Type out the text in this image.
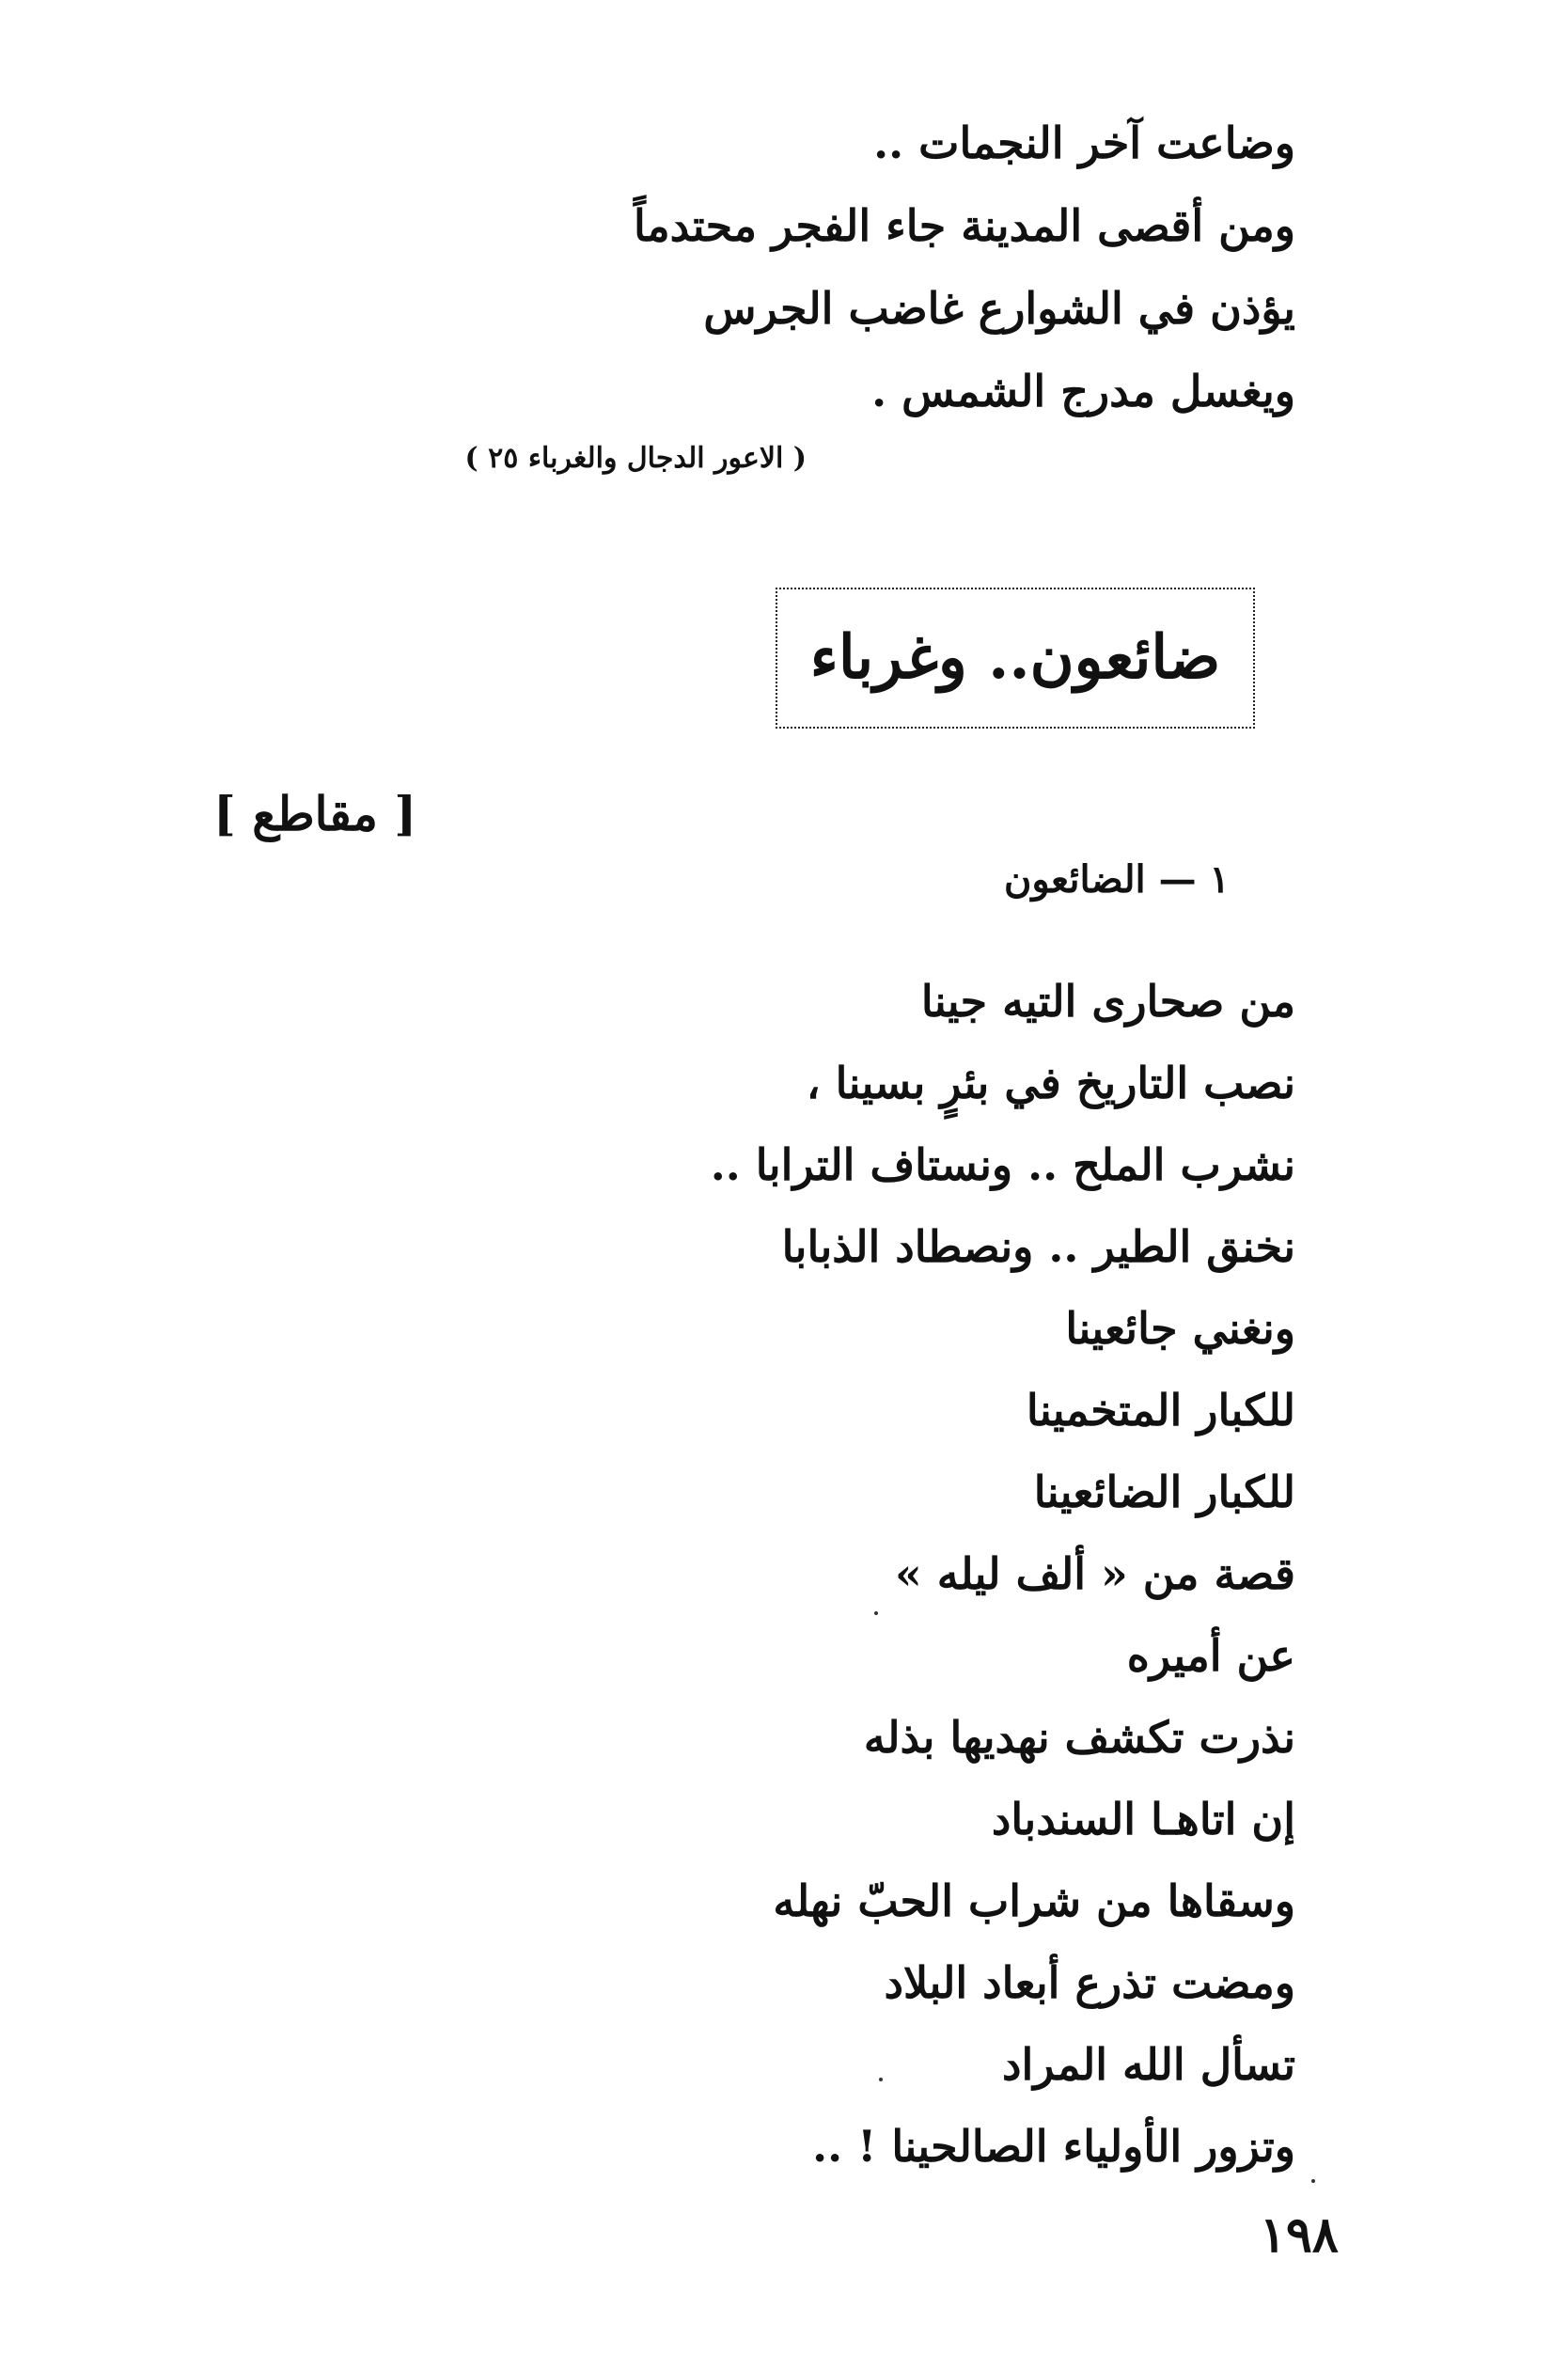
وضاعت آخر النجمات ..
ومن أقصى المدينة جاء الفجر محتدماً
يؤذن في الشوارع غاضب الجرس
ويغسل مدرج الشمس .
( الاعور الدجال والغرباء ٢٥ )
ضائعون.. وغرباء
[ مقاطع ]
١ — الضائعون
من صحارى التيه جينا
نصب التاريخ في بئرٍ بسينا ،
نشرب الملح .. ونستاف الترابا ..
نخنق الطير .. ونصطاد الذبابا
ونغني جائعينا
للكبار المتخمينا
للكبار الضائعينا
قصة من « ألف ليله »
عن أميره
نذرت تكشف نهديها بذله
إن اتاهـا السندباد
وسقاها من شراب الحبّ نهله
ومضت تذرع أبعاد البلاد
تسأل الله المراد
وتزور الأولياء الصالحينا ! ..
١٩٨
